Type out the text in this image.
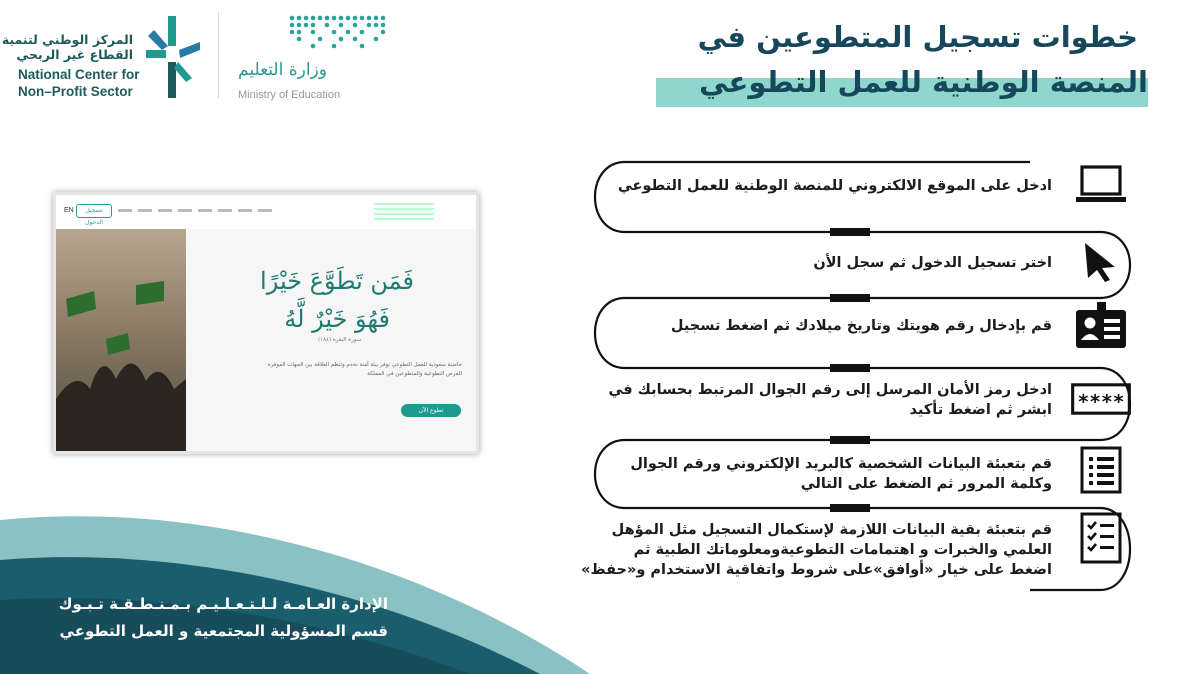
المركز الوطني لتنمية
القطاع غير الربحي
National Center for
Non–Profit Sector
وزارة التعليم
Ministry of Education
خطوات تسجيل المتطوعين في
المنصة الوطنية للعمل التطوعي
ادخل على الموقع الالكتروني للمنصة الوطنية للعمل التطوعي
اختر تسجيل الدخول ثم سجل الأن
قم بإدخال رقم هويتك وتاريخ ميلادك ثم اضغط تسجيل
ادخل رمز الأمان المرسل إلى رقم الجوال المرتبط بحسابك في
ابشر ثم اضغط تأكيد
قم بتعبئة البيانات الشخصية كالبريد الإلكتروني ورقم الجوال
وكلمة المرور ثم الضغط على التالي
قم بتعبئة بقية البيانات اللازمة لإستكمال التسجيل مثل المؤهل
العلمي والخبرات و اهتمامات التطوعيةومعلوماتك الطبية ثم
اضغط على خيار «أوافق»على شروط واتفاقية الاستخدام و«حفظ»
****
EN	تسجيل الدخول
فَمَن تَطَوَّعَ خَيْرًا
فَهُوَ خَيْرٌ لَّهُ
سورة البقرة (١٨٤)
حاضنة سعودية للعمل التطوعي توفر بيئة آمنة تخدم وتنظم العلاقة بين الجهات الموفرة
للفرص التطوعية والمتطوعين في المملكة
تطوع الآن
الإدارة العـامـة لـلـتـعـلـيـم بـمـنـطـقـة تـبـوك
قسم المسؤولية المجتمعية و العمل التطوعي
